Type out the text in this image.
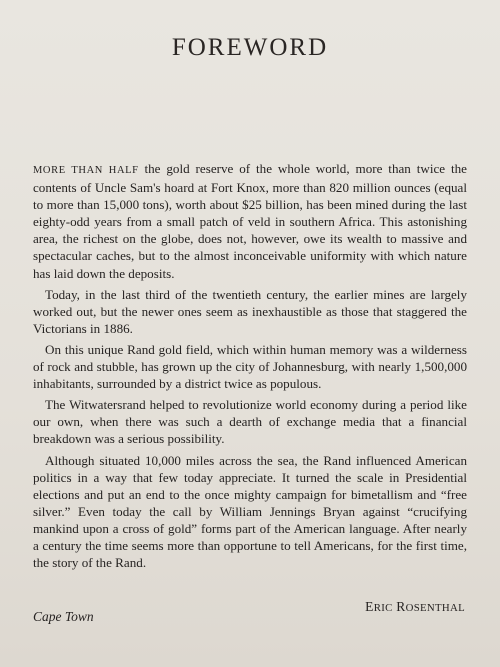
FOREWORD

MORE THAN HALF the gold reserve of the whole world, more than twice the contents of Uncle Sam's hoard at Fort Knox, more than 820 million ounces (equal to more than 15,000 tons), worth about $25 billion, has been mined during the last eighty-odd years from a small patch of veld in southern Africa. This astonishing area, the richest on the globe, does not, however, owe its wealth to massive and spectacular caches, but to the almost inconceivable uniformity with which nature has laid down the deposits.

Today, in the last third of the twentieth century, the earlier mines are largely worked out, but the newer ones seem as inexhaustible as those that staggered the Victorians in 1886.

On this unique Rand gold field, which within human memory was a wilderness of rock and stubble, has grown up the city of Johannesburg, with nearly 1,500,000 inhabitants, surrounded by a district twice as populous.

The Witwatersrand helped to revolutionize world economy during a period like our own, when there was such a dearth of exchange media that a financial breakdown was a serious possibility.

Although situated 10,000 miles across the sea, the Rand influenced American politics in a way that few today appreciate. It turned the scale in Presidential elections and put an end to the once mighty campaign for bimetallism and “free silver.” Even today the call by William Jennings Bryan against “crucifying mankind upon a cross of gold” forms part of the American language. After nearly a century the time seems more than opportune to tell Americans, for the first time, the story of the Rand.

Cape Town
ERIC ROSENTHAL
